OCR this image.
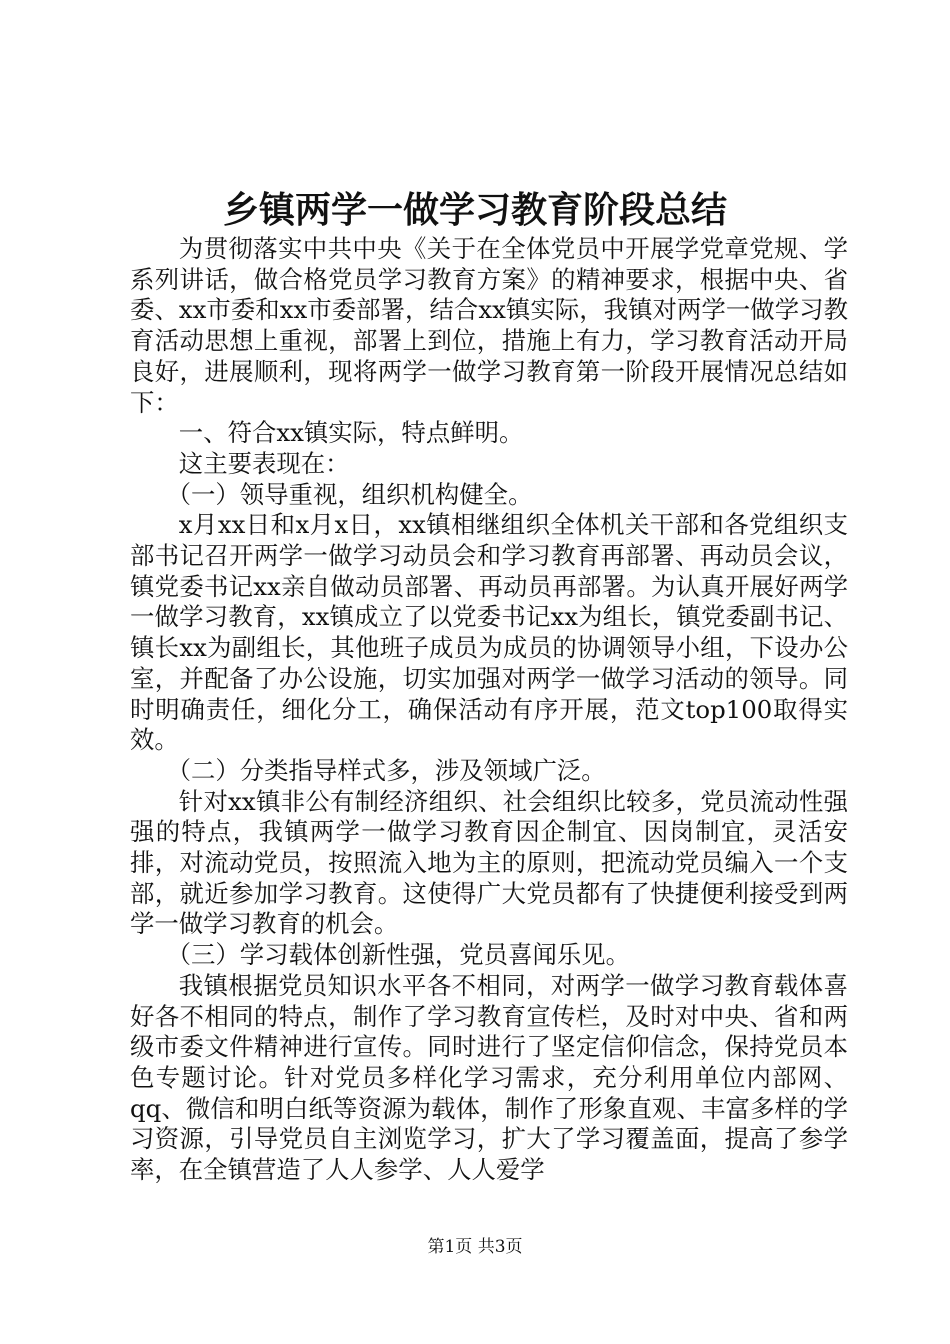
乡镇两学一做学习教育阶段总结

为贯彻落实中共中央《关于在全体党员中开展学党章党规、学系列讲话，做合格党员学习教育方案》的精神要求，根据中央、省委、xx市委和xx市委部署，结合xx镇实际，我镇对两学一做学习教育活动思想上重视，部署上到位，措施上有力，学习教育活动开局良好，进展顺利，现将两学一做学习教育第一阶段开展情况总结如下：

一、符合xx镇实际，特点鲜明。

这主要表现在：

（一）领导重视，组织机构健全。

x月xx日和x月x日，xx镇相继组织全体机关干部和各党组织支部书记召开两学一做学习动员会和学习教育再部署、再动员会议，镇党委书记xx亲自做动员部署、再动员再部署。为认真开展好两学一做学习教育，xx镇成立了以党委书记xx为组长，镇党委副书记、镇长xx为副组长，其他班子成员为成员的协调领导小组，下设办公室，并配备了办公设施，切实加强对两学一做学习活动的领导。同时明确责任，细化分工，确保活动有序开展，范文top100取得实效。

（二）分类指导样式多，涉及领域广泛。

针对xx镇非公有制经济组织、社会组织比较多，党员流动性强强的特点，我镇两学一做学习教育因企制宜、因岗制宜，灵活安排，对流动党员，按照流入地为主的原则，把流动党员编入一个支部，就近参加学习教育。这使得广大党员都有了快捷便利接受到两学一做学习教育的机会。

（三）学习载体创新性强，党员喜闻乐见。

我镇根据党员知识水平各不相同，对两学一做学习教育载体喜好各不相同的特点，制作了学习教育宣传栏，及时对中央、省和两级市委文件精神进行宣传。同时进行了坚定信仰信念，保持党员本色专题讨论。针对党员多样化学习需求，充分利用单位内部网、qq、微信和明白纸等资源为载体，制作了形象直观、丰富多样的学习资源，引导党员自主浏览学习，扩大了学习覆盖面，提高了参学率，在全镇营造了人人参学、人人爱学

第1页 共3页
